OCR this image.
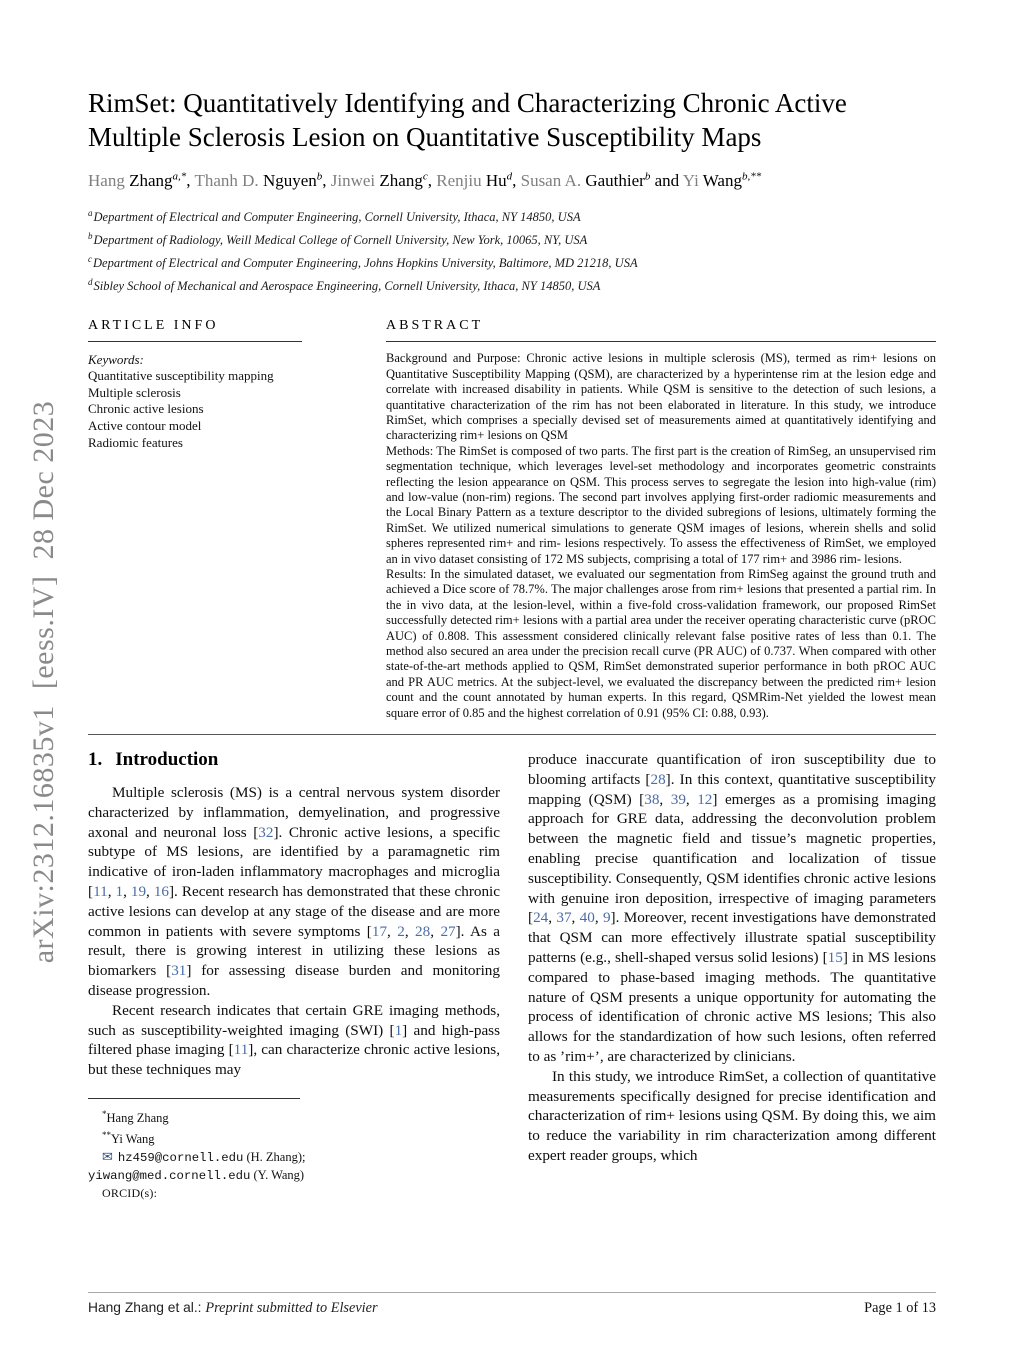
arXiv:2312.16835v1  [eess.IV]  28 Dec 2023
RimSet: Quantitatively Identifying and Characterizing Chronic Active Multiple Sclerosis Lesion on Quantitative Susceptibility Maps
Hang Zhang$^{a,*}$, Thanh D. Nguyen$^b$, Jinwei Zhang$^c$, Renjiu Hu$^d$, Susan A. Gauthier$^b$ and Yi Wang$^{b,**}$
$^a$Department of Electrical and Computer Engineering, Cornell University, Ithaca, NY 14850, USA
$^b$Department of Radiology, Weill Medical College of Cornell University, New York, 10065, NY, USA
$^c$Department of Electrical and Computer Engineering, Johns Hopkins University, Baltimore, MD 21218, USA
$^d$Sibley School of Mechanical and Aerospace Engineering, Cornell University, Ithaca, NY 14850, USA
ARTICLE INFO
Keywords:
Quantitative susceptibility mapping
Multiple sclerosis
Chronic active lesions
Active contour model
Radiomic features
ABSTRACT

Background and Purpose: Chronic active lesions in multiple sclerosis (MS), termed as rim+ lesions on Quantitative Susceptibility Mapping (QSM), are characterized by a hyperintense rim at the lesion edge and correlate with increased disability in patients. While QSM is sensitive to the detection of such lesions, a quantitative characterization of the rim has not been elaborated in literature. In this study, we introduce RimSet, which comprises a specially devised set of measurements aimed at quantitatively identifying and characterizing rim+ lesions on QSM

Methods: The RimSet is composed of two parts. The first part is the creation of RimSeg, an unsupervised rim segmentation technique, which leverages level-set methodology and incorporates geometric constraints reflecting the lesion appearance on QSM. This process serves to segregate the lesion into high-value (rim) and low-value (non-rim) regions. The second part involves applying first-order radiomic measurements and the Local Binary Pattern as a texture descriptor to the divided subregions of lesions, ultimately forming the RimSet. We utilized numerical simulations to generate QSM images of lesions, wherein shells and solid spheres represented rim+ and rim- lesions respectively. To assess the effectiveness of RimSet, we employed an in vivo dataset consisting of 172 MS subjects, comprising a total of 177 rim+ and 3986 rim- lesions.

Results: In the simulated dataset, we evaluated our segmentation from RimSeg against the ground truth and achieved a Dice score of 78.7%. The major challenges arose from rim+ lesions that presented a partial rim. In the in vivo data, at the lesion-level, within a five-fold cross-validation framework, our proposed RimSet successfully detected rim+ lesions with a partial area under the receiver operating characteristic curve (pROC AUC) of 0.808. This assessment considered clinically relevant false positive rates of less than 0.1. The method also secured an area under the precision recall curve (PR AUC) of 0.737. When compared with other state-of-the-art methods applied to QSM, RimSet demonstrated superior performance in both pROC AUC and PR AUC metrics. At the subject-level, we evaluated the discrepancy between the predicted rim+ lesion count and the count annotated by human experts. In this regard, QSMRim-Net yielded the lowest mean square error of 0.85 and the highest correlation of 0.91 (95% CI: 0.88, 0.93).

1. Introduction

Multiple sclerosis (MS) is a central nervous system disorder characterized by inflammation, demyelination, and progressive axonal and neuronal loss [32]. Chronic active lesions, a specific subtype of MS lesions, are identified by a paramagnetic rim indicative of iron-laden inflammatory macrophages and microglia [11, 1, 19, 16]. Recent research has demonstrated that these chronic active lesions can develop at any stage of the disease and are more common in patients with severe symptoms [17, 2, 28, 27]. As a result, there is growing interest in utilizing these lesions as biomarkers [31] for assessing disease burden and monitoring disease progression.

Recent research indicates that certain GRE imaging methods, such as susceptibility-weighted imaging (SWI) [1] and high-pass filtered phase imaging [11], can characterize chronic active lesions, but these techniques may

*Hang Zhang
**Yi Wang
✉ hz459@cornell.edu (H. Zhang);
yiwang@med.cornell.edu (Y. Wang)
ORCID(s):

produce inaccurate quantification of iron susceptibility due to blooming artifacts [28]. In this context, quantitative susceptibility mapping (QSM) [38, 39, 12] emerges as a promising imaging approach for GRE data, addressing the deconvolution problem between the magnetic field and tissue’s magnetic properties, enabling precise quantification and localization of tissue susceptibility. Consequently, QSM identifies chronic active lesions with genuine iron deposition, irrespective of imaging parameters [24, 37, 40, 9]. Moreover, recent investigations have demonstrated that QSM can more effectively illustrate spatial susceptibility patterns (e.g., shell-shaped versus solid lesions) [15] in MS lesions compared to phase-based imaging methods. The quantitative nature of QSM presents a unique opportunity for automating the process of identification of chronic active MS lesions; This also allows for the standardization of how such lesions, often referred to as ’rim+’, are characterized by clinicians.

In this study, we introduce RimSet, a collection of quantitative measurements specifically designed for precise identification and characterization of rim+ lesions using QSM. By doing this, we aim to reduce the variability in rim characterization among different expert reader groups, which

Hang Zhang et al.: Preprint submitted to Elsevier	Page 1 of 13
